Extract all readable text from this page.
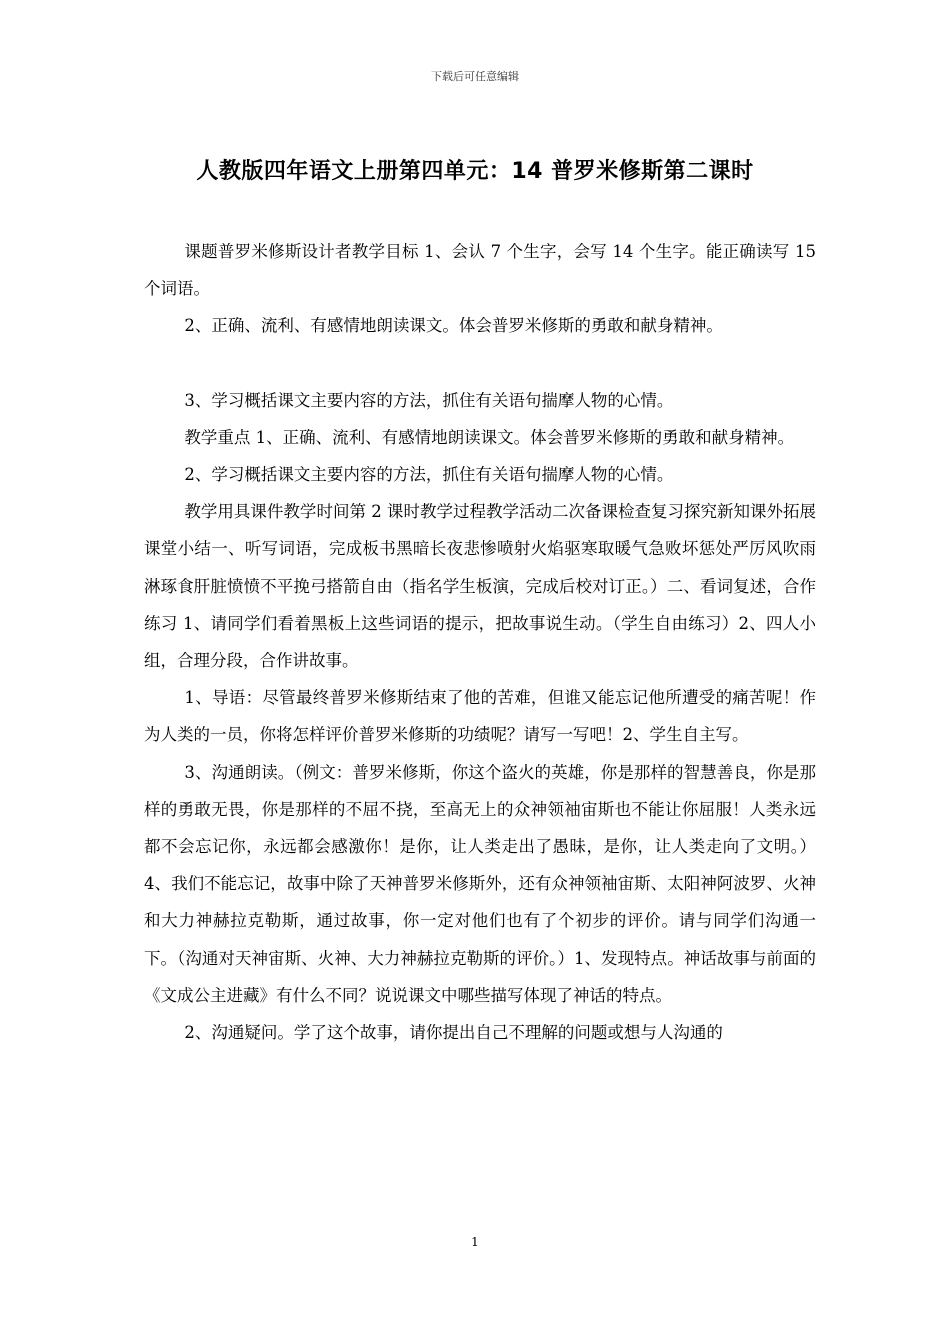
下载后可任意编辑
人教版四年语文上册第四单元：14 普罗米修斯第二课时

课题普罗米修斯设计者教学目标 1、会认 7 个生字，会写 14 个生字。能正确读写 15 个词语。

2、正确、流利、有感情地朗读课文。体会普罗米修斯的勇敢和献身精神。

3、学习概括课文主要内容的方法，抓住有关语句揣摩人物的心情。

教学重点 1、正确、流利、有感情地朗读课文。体会普罗米修斯的勇敢和献身精神。

2、学习概括课文主要内容的方法，抓住有关语句揣摩人物的心情。

教学用具课件教学时间第 2 课时教学过程教学活动二次备课检查复习探究新知课外拓展课堂小结一、听写词语，完成板书黑暗长夜悲惨喷射火焰驱寒取暖气急败坏惩处严厉风吹雨淋琢食肝脏愤愤不平挽弓搭箭自由（指名学生板演，完成后校对订正。）二、看词复述，合作练习 1、请同学们看着黑板上这些词语的提示，把故事说生动。（学生自由练习）2、四人小组，合理分段，合作讲故事。

1、导语：尽管最终普罗米修斯结束了他的苦难，但谁又能忘记他所遭受的痛苦呢！作为人类的一员，你将怎样评价普罗米修斯的功绩呢？请写一写吧！2、学生自主写。

3、沟通朗读。（例文：普罗米修斯，你这个盗火的英雄，你是那样的智慧善良，你是那样的勇敢无畏，你是那样的不屈不挠，至高无上的众神领袖宙斯也不能让你屈服！人类永远都不会忘记你，永远都会感激你！是你，让人类走出了愚昧，是你，让人类走向了文明。）4、我们不能忘记，故事中除了天神普罗米修斯外，还有众神领袖宙斯、太阳神阿波罗、火神和大力神赫拉克勒斯，通过故事，你一定对他们也有了个初步的评价。请与同学们沟通一下。（沟通对天神宙斯、火神、大力神赫拉克勒斯的评价。）1、发现特点。神话故事与前面的《文成公主进藏》有什么不同？说说课文中哪些描写体现了神话的特点。

2、沟通疑问。学了这个故事，请你提出自己不理解的问题或想与人沟通的

1
